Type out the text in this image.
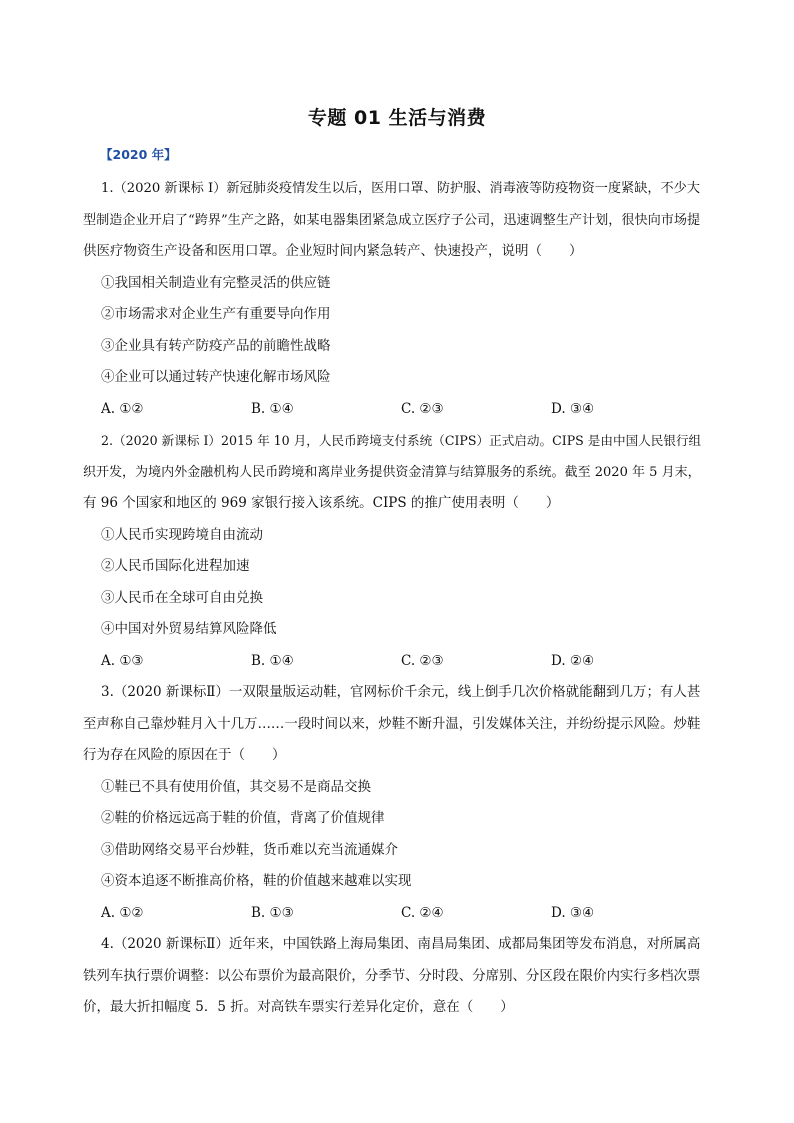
专题 01 生活与消费
【2020 年】

1.（2020 新课标 I）新冠肺炎疫情发生以后，医用口罩、防护服、消毒液等防疫物资一度紧缺，不少大

型制造企业开启了“跨界”生产之路，如某电器集团紧急成立医疗子公司，迅速调整生产计划，很快向市场提

供医疗物资生产设备和医用口罩。企业短时间内紧急转产、快速投产，说明（　　）

①我国相关制造业有完整灵活的供应链

②市场需求对企业生产有重要导向作用

③企业具有转产防疫产品的前瞻性战略

④企业可以通过转产快速化解市场风险

A. ①②	B. ①④	C. ②③	D. ③④

2.（2020 新课标 I）2015 年 10 月，人民币跨境支付系统（CIPS）正式启动。CIPS 是由中国人民银行组

织开发，为境内外金融机构人民币跨境和离岸业务提供资金清算与结算服务的系统。截至 2020 年 5 月末，

有 96 个国家和地区的 969 家银行接入该系统。CIPS 的推广使用表明（　　）

①人民币实现跨境自由流动

②人民币国际化进程加速

③人民币在全球可自由兑换

④中国对外贸易结算风险降低

A. ①③	B. ①④	C. ②③	D. ②④

3.（2020 新课标Ⅱ）一双限量版运动鞋，官网标价千余元，线上倒手几次价格就能翻到几万；有人甚

至声称自己靠炒鞋月入十几万……一段时间以来，炒鞋不断升温，引发媒体关注，并纷纷提示风险。炒鞋

行为存在风险的原因在于（　　）

①鞋已不具有使用价值，其交易不是商品交换

②鞋的价格远远高于鞋的价值，背离了价值规律

③借助网络交易平台炒鞋，货币难以充当流通媒介

④资本追逐不断推高价格，鞋的价值越来越难以实现

A. ①②	B. ①③	C. ②④	D. ③④

4.（2020 新课标Ⅱ）近年来，中国铁路上海局集团、南昌局集团、成都局集团等发布消息，对所属高

铁列车执行票价调整：以公布票价为最高限价，分季节、分时段、分席别、分区段在限价内实行多档次票

价，最大折扣幅度 5．5 折。对高铁车票实行差异化定价，意在（　　）
